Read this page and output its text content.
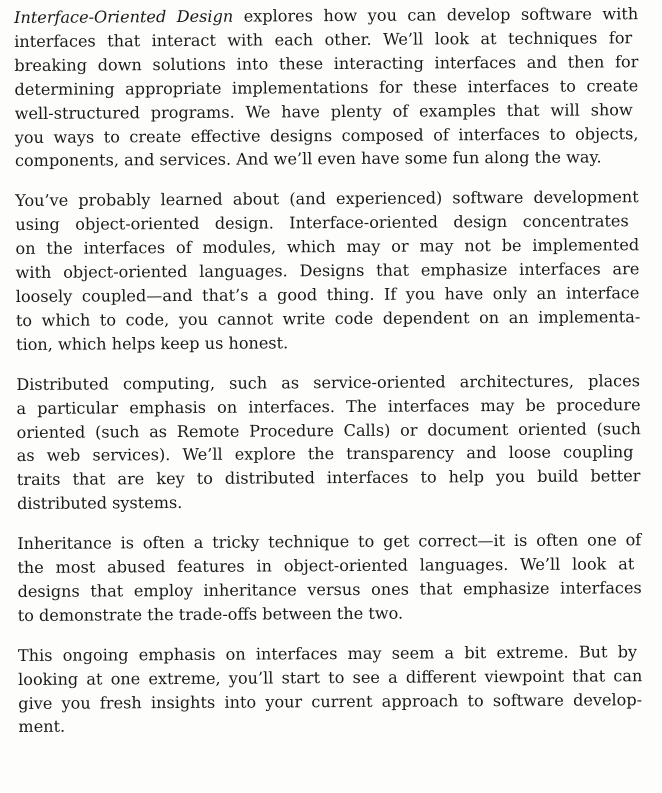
Interface-Oriented Design explores how you can develop software with
interfaces that interact with each other. We’ll look at techniques for
breaking down solutions into these interacting interfaces and then for
determining appropriate implementations for these interfaces to create
well-structured programs. We have plenty of examples that will show
you ways to create effective designs composed of interfaces to objects,
components, and services. And we’ll even have some fun along the way.

You’ve probably learned about (and experienced) software development
using object-oriented design. Interface-oriented design concentrates
on the interfaces of modules, which may or may not be implemented
with object-oriented languages. Designs that emphasize interfaces are
loosely coupled—and that’s a good thing. If you have only an interface
to which to code, you cannot write code dependent on an implementa-
tion, which helps keep us honest.

Distributed computing, such as service-oriented architectures, places
a particular emphasis on interfaces. The interfaces may be procedure
oriented (such as Remote Procedure Calls) or document oriented (such
as web services). We’ll explore the transparency and loose coupling
traits that are key to distributed interfaces to help you build better
distributed systems.

Inheritance is often a tricky technique to get correct—it is often one of
the most abused features in object-oriented languages. We’ll look at
designs that employ inheritance versus ones that emphasize interfaces
to demonstrate the trade-offs between the two.

This ongoing emphasis on interfaces may seem a bit extreme. But by
looking at one extreme, you’ll start to see a different viewpoint that can
give you fresh insights into your current approach to software develop-
ment.
